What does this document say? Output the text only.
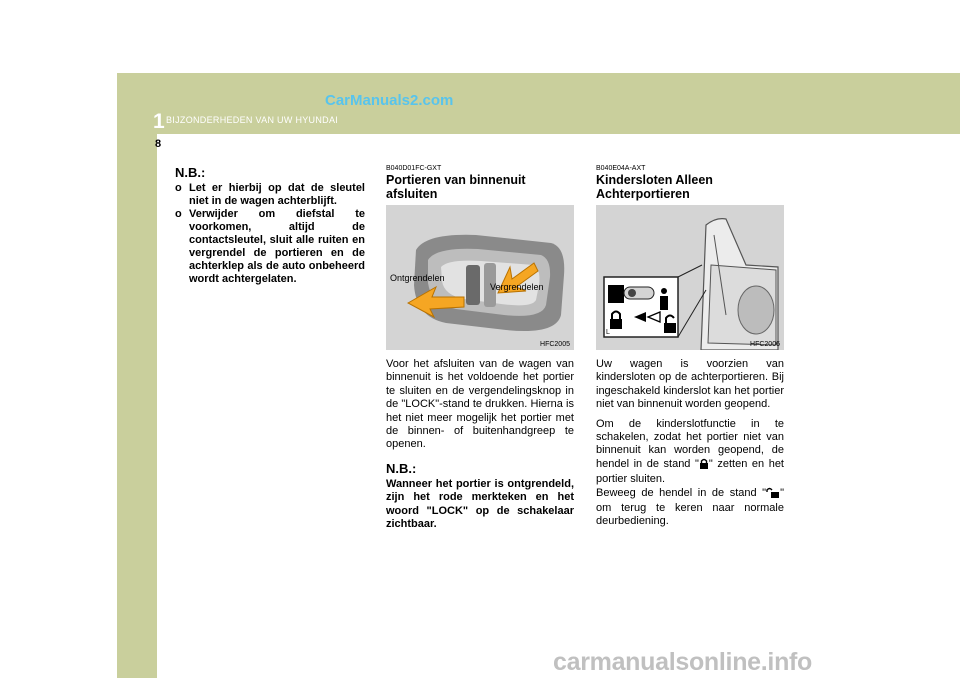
1 BIJZONDERHEDEN VAN UW HYUNDAI
CarManuals2.com
8
N.B.:
o Let er hierbij op dat de sleutel niet in de wagen achterblijft.
o Verwijder om diefstal te voorkomen, altijd de contactsleutel, sluit alle ruiten en vergrendel de portieren en de achterklep als de auto onbeheerd wordt achtergelaten.
B040D01FC-GXT
Portieren van binnenuit afsluiten
Ontgrendelen
Vergrendelen
HFC2005

Voor het afsluiten van de wagen van binnenuit is het voldoende het portier te sluiten en de vergendelingsknop in de "LOCK"-stand te drukken. Hierna is het niet meer mogelijk het portier met de binnen- of buitenhandgreep te openen.

N.B.:

Wanneer het portier is ontgrendeld, zijn het rode merkteken en het woord "LOCK" op de schakelaar zichtbaar.

B040E04A-AXT
Kindersloten Alleen
Achterportieren
L
HFC2006

Uw wagen is voorzien van kindersloten op de achterportieren. Bij ingeschakeld kinderslot kan het portier niet van binnenuit worden geopend.

Om de kinderslotfunctie in te schakelen, zodat het portier niet van binnenuit kan worden geopend, de hendel in de stand " " zetten en het portier sluiten.
Beweeg de hendel in de stand " " om terug te keren naar normale deurbediening.

carmanualsonline.info
